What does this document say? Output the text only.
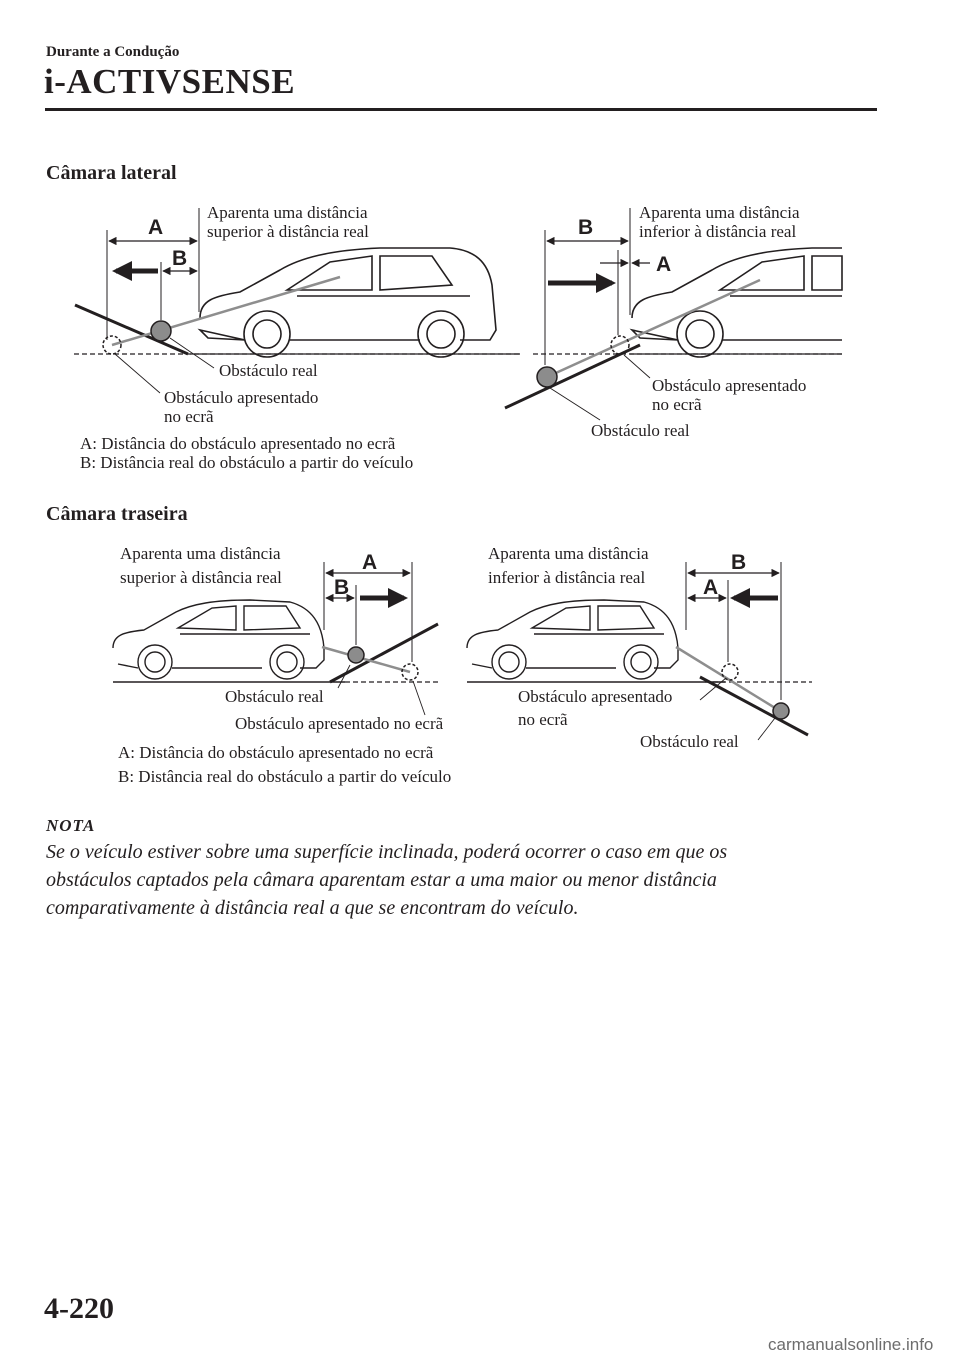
Durante a Condução
i-ACTIVSENSE
Câmara lateral
A
B
B
A
A
B
B
A
Aparenta uma distância
superior à distância real
Obstáculo real
Obstáculo apresentado
no ecrã
Aparenta uma distância
inferior à distância real
Obstáculo apresentado
no ecrã
Obstáculo real
A: Distância do obstáculo apresentado no ecrã
B: Distância real do obstáculo a partir do veículo
Câmara traseira
Aparenta uma distância
superior à distância real
Obstáculo real
Obstáculo apresentado no ecrã
Aparenta uma distância
inferior à distância real
Obstáculo apresentado
no ecrã
Obstáculo real
A: Distância do obstáculo apresentado no ecrã
B: Distância real do obstáculo a partir do veículo
NOTA
Se o veículo estiver sobre uma superfície inclinada, poderá ocorrer o caso em que os
obstáculos captados pela câmara aparentam estar a uma maior ou menor distância
comparativamente à distância real a que se encontram do veículo.
4-220
carmanualsonline.info
